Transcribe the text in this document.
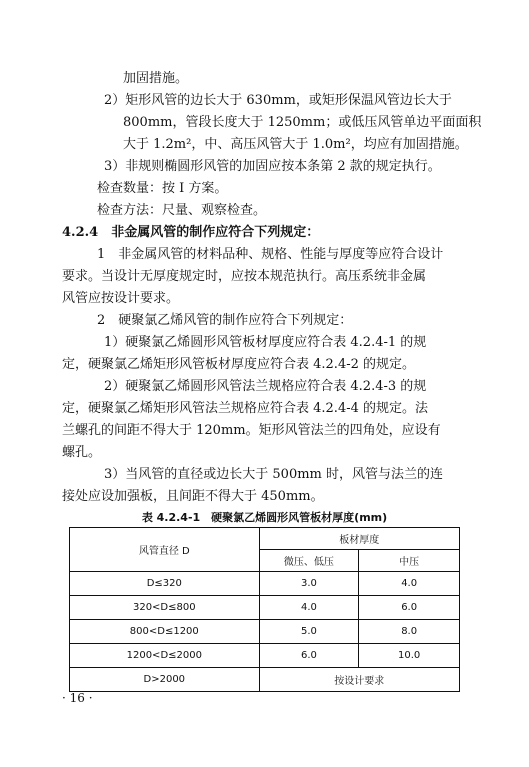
表 4.2.4-1　硬聚氯乙烯圆形风管板材厚度(mm)
风管直径 D	板材厚度	
	微压、低压	中压
D≤320	3.0	4.0
320<D≤800	4.0	6.0
800<D≤1200	5.0	8.0
1200<D≤2000	6.0	10.0
D>2000	按设计要求	
· 16 ·
加固措施。
2）矩形风管的边长大于 630mm，或矩形保温风管边长大于
800mm，管段长度大于 1250mm；或低压风管单边平面面积
大于 1.2m²，中、高压风管大于 1.0m²，均应有加固措施。
3）非规则椭圆形风管的加固应按本条第 2 款的规定执行。
检查数量：按 Ⅰ 方案。
检查方法：尺量、观察检查。
4.2.4　非金属风管的制作应符合下列规定：
1　非金属风管的材料品种、规格、性能与厚度等应符合设计
要求。当设计无厚度规定时，应按本规范执行。高压系统非金属
风管应按设计要求。
2　硬聚氯乙烯风管的制作应符合下列规定：
1）硬聚氯乙烯圆形风管板材厚度应符合表 4.2.4-1 的规
定，硬聚氯乙烯矩形风管板材厚度应符合表 4.2.4-2 的规定。
2）硬聚氯乙烯圆形风管法兰规格应符合表 4.2.4-3 的规
定，硬聚氯乙烯矩形风管法兰规格应符合表 4.2.4-4 的规定。法
兰螺孔的间距不得大于 120mm。矩形风管法兰的四角处，应设有
螺孔。
3）当风管的直径或边长大于 500mm 时，风管与法兰的连
接处应设加强板，且间距不得大于 450mm。
